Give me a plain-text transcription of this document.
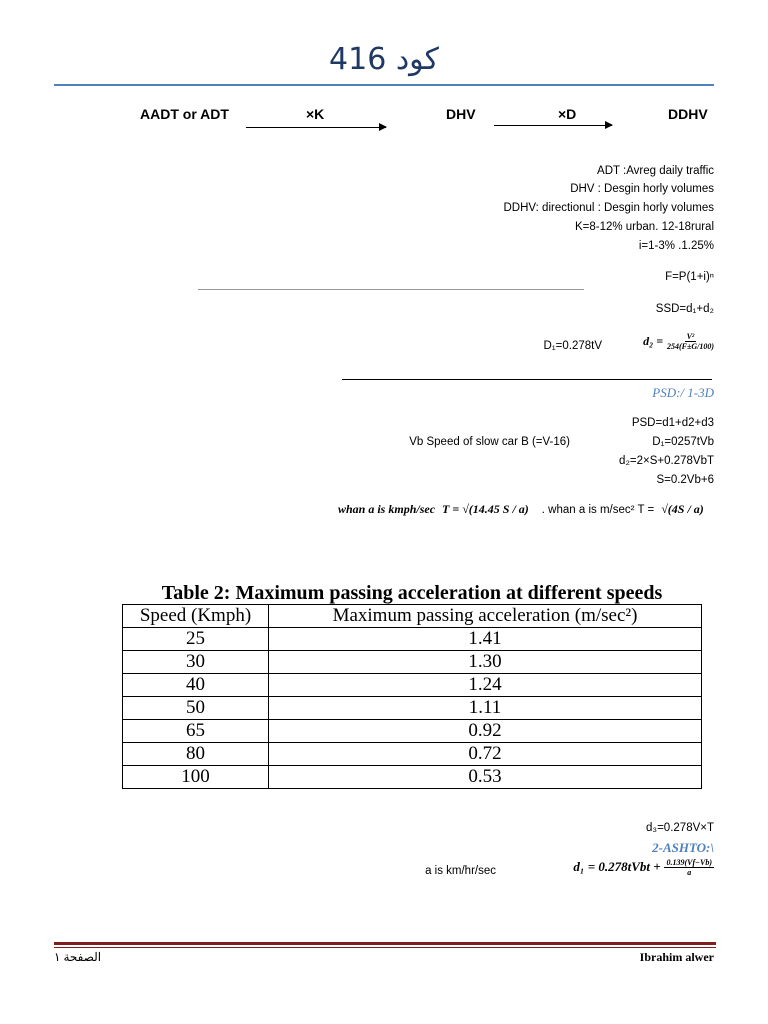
كود 416
AADT or ADT	×K	DHV	×D	DDHV
ADT :Avreg daily traffic
DHV : Desgin horly volumes
DDHV: directionul : Desgin horly volumes
K=8-12% urban. 12-18rural
i=1-3% .1.25%
F=P(1+i)ⁿ
SSD=d₁+d₂
D₁=0.278tV	$d_2 = \frac{\text{V²}}{254(F\pm G/100)}$
PSD:/ 1-3D
PSD=d1+d2+d3
Vb Speed of slow car B (=V-16)	D₁=0257tVb
d₂=2×S+0.278VbT
S=0.2Vb+6
whan a is kmph/sec T = √(14.45 S / a) . whan a is m/sec² T = √(4S / a)
Table 2: Maximum passing acceleration at different speeds
Speed (Kmph)	Maximum passing acceleration (m/sec²)
25	1.41
30	1.30
40	1.24
50	1.11
65	0.92
80	0.72
100	0.53
d₃=0.278V×T
2-ASHTO:\
a is km/hr/sec	d₁ = 0.278tVbt + $\frac{0.139(Vf-Vb)}{a}$
الصفحة ١	Ibrahim alwer
